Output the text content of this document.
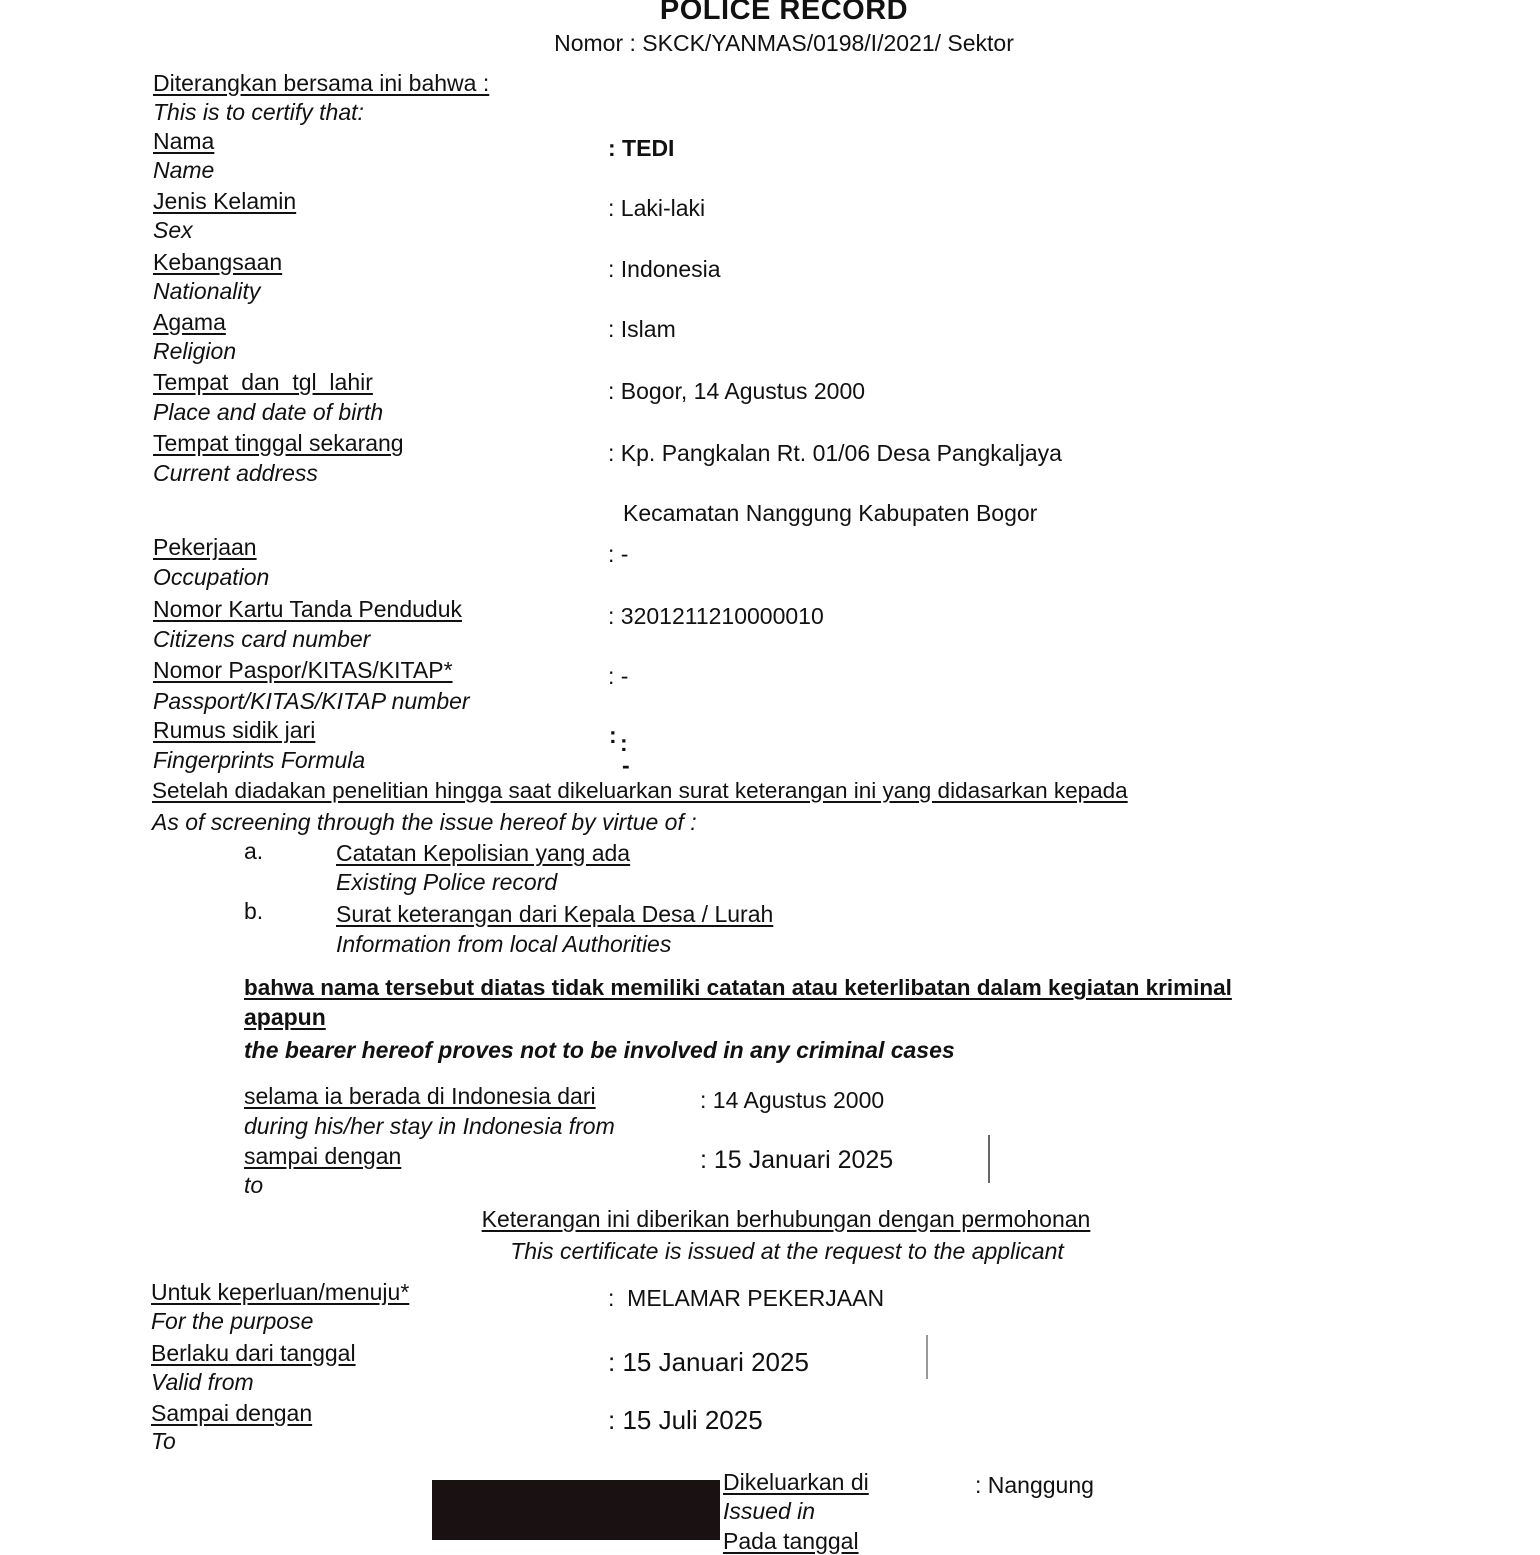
POLICE RECORD
Nomor : SKCK/YANMAS/0198/I/2021/ Sektor
Diterangkan bersama ini bahwa :
This is to certify that:
Nama
Name
: TEDI
Jenis Kelamin
Sex
: Laki-laki
Kebangsaan
Nationality
: Indonesia
Agama
Religion
: Islam
Tempat  dan  tgl  lahir
Place and date of birth
: Bogor, 14 Agustus 2000
Tempat tinggal sekarang
Current address
: Kp. Pangkalan Rt. 01/06 Desa Pangkaljaya
Kecamatan Nanggung Kabupaten Bogor
Pekerjaan
Occupation
: -
Nomor Kartu Tanda Penduduk
Citizens card number
: 3201211210000010
Nomor Paspor/KITAS/KITAP*
Passport/KITAS/KITAP number
: -
Rumus sidik jari
Fingerprints Formula
: :
-
Setelah diadakan penelitian hingga saat dikeluarkan surat keterangan ini yang didasarkan kepada
As of screening through the issue hereof by virtue of :
a.	Catatan Kepolisian yang ada
Existing Police record
b.	Surat keterangan dari Kepala Desa / Lurah
Information from local Authorities
bahwa nama tersebut diatas tidak memiliki catatan atau keterlibatan dalam kegiatan kriminal
apapun
the bearer hereof proves not to be involved in any criminal cases
selama ia berada di Indonesia dari
during his/her stay in Indonesia from
: 14 Agustus 2000
sampai dengan
to
: 15 Januari 2025
Keterangan ini diberikan berhubungan dengan permohonan
This certificate is issued at the request to the applicant
Untuk keperluan/menuju*
For the purpose
:  MELAMAR PEKERJAAN
Berlaku dari tanggal
Valid from
: 15 Januari 2025
Sampai dengan
To
: 15 Juli 2025
Dikeluarkan di
Issued in
: Nanggung
Pada tanggal
